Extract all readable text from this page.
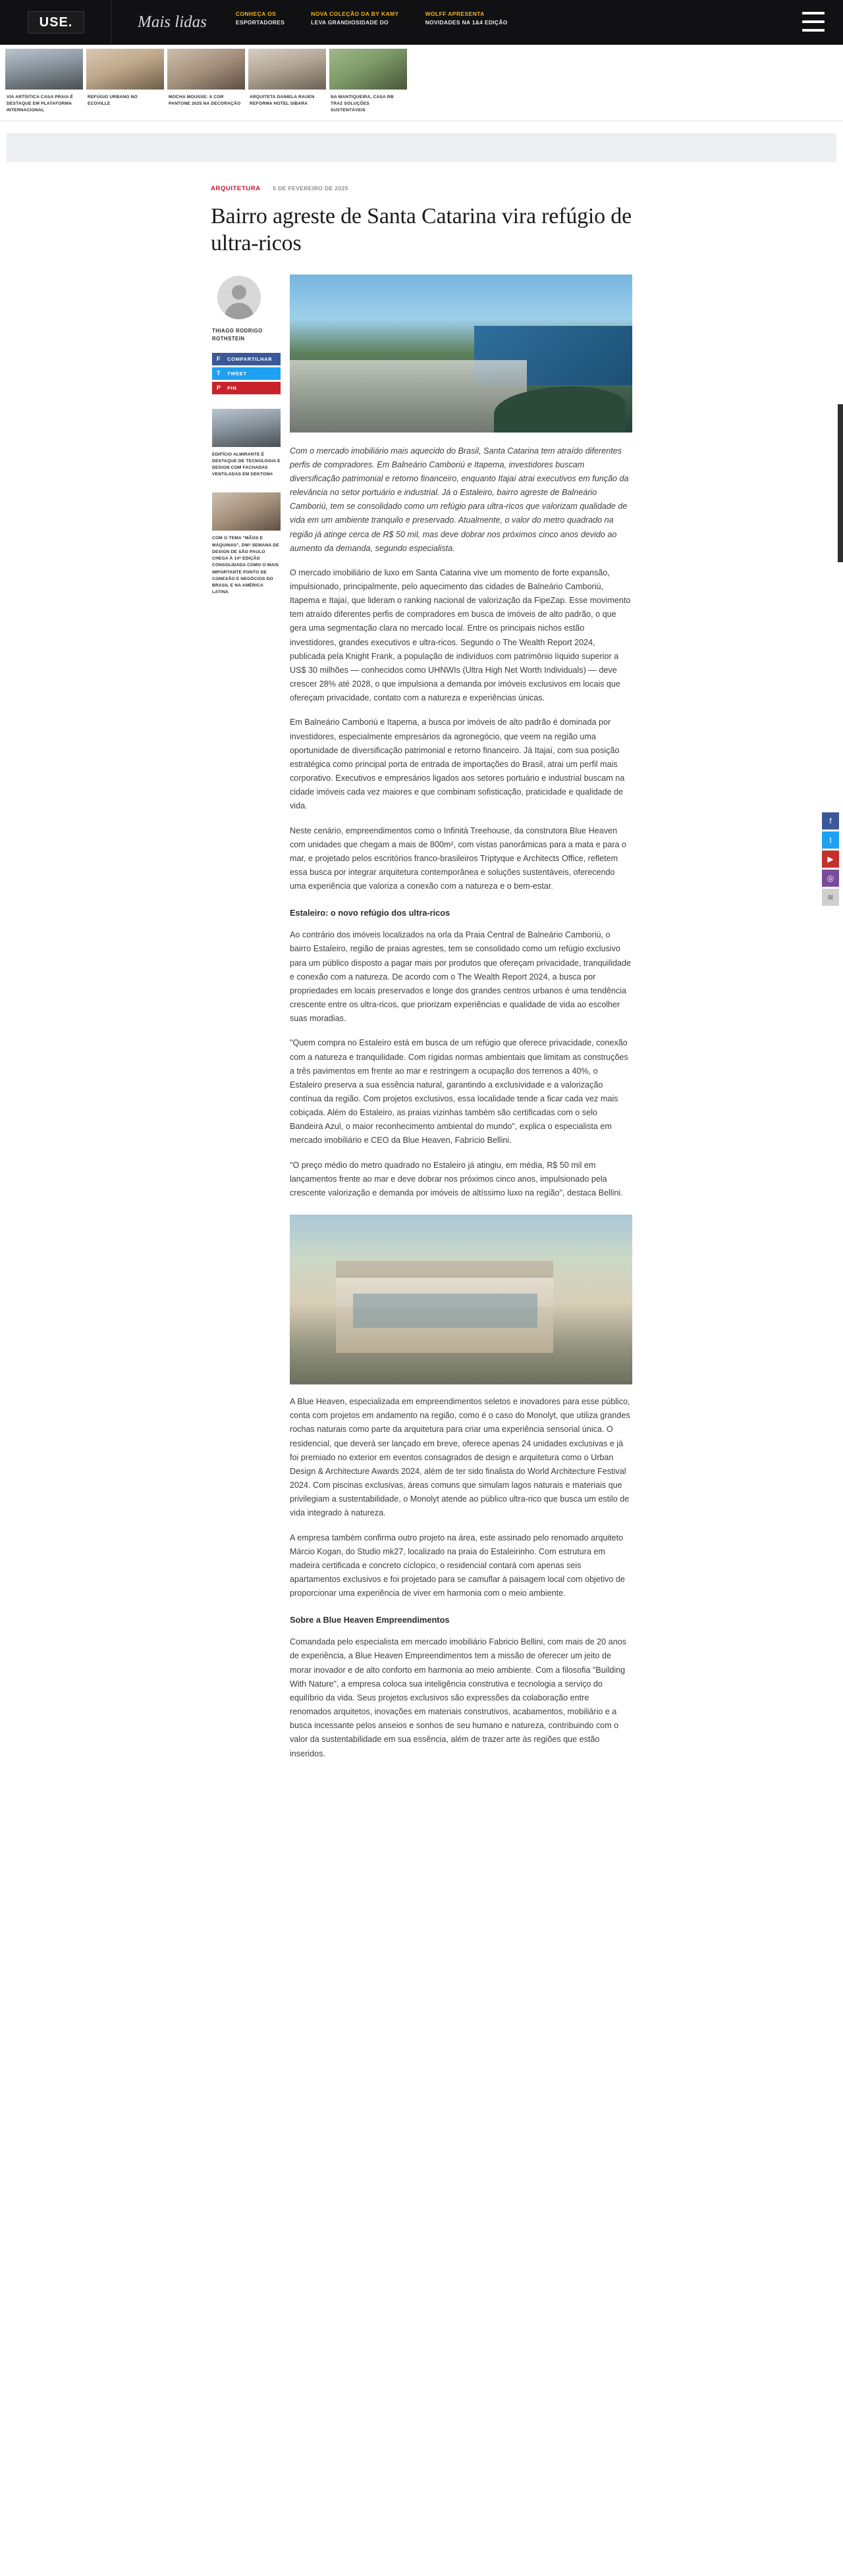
USE.	Mais lidas	CONHEÇA OS
ESPORTADORES
NOVA COLEÇÃO DA BY KAMY
LEVA GRANDIOSIDADE DO
WOLFF APRESENTA
NOVIDADES NA 1&4 EDIÇÃO
VIA ARTÍSTICA CASA PRAIA É DESTAQUE EM PLATAFORMA INTERNACIONAL
REFÚGIO URBANO NO ECOVILLE
MOCHA MOUSSE: A COR PANTONE 2025 NA DECORAÇÃO
ARQUITETA DANIELA RAUEN REFORMA HOTEL SIBARA
NA MANTIQUEIRA, CASA RB TRAZ SOLUÇÕES SUSTENTÁVEIS
ARQUITETURA 5 DE FEVEREIRO DE 2025
Bairro agreste de Santa Catarina vira refúgio de ultra-ricos
THIAGO RODRIGO ROTHSTEIN
F	COMPARTILHAR
T	TWEET
P	PIN
EDIFÍCIO ALMIRANTE É DESTAQUE DE TECNOLOGIA E DESIGN COM FACHADAS VENTILADAS EM DEKTON®
COM O TEMA "MÃOS E MÁQUINAS", DW! SEMANA DE DESIGN DE SÃO PAULO CHEGA À 14ª EDIÇÃO CONSOLIDADA COMO O MAIS IMPORTANTE PONTO DE CONEXÃO E NEGÓCIOS DO BRASIL E NA AMÉRICA LATINA

Com o mercado imobiliário mais aquecido do Brasil, Santa Catarina tem atraído diferentes perfis de compradores. Em Balneário Camboriú e Itapema, investidores buscam diversificação patrimonial e retorno financeiro, enquanto Itajaí atrai executivos em função da relevância no setor portuário e industrial. Já o Estaleiro, bairro agreste de Balneário Camboriú, tem se consolidado como um refúgio para ultra-ricos que valorizam qualidade de vida em um ambiente tranquilo e preservado. Atualmente, o valor do metro quadrado na região já atinge cerca de R$ 50 mil, mas deve dobrar nos próximos cinco anos devido ao aumento da demanda, segundo especialista.

O mercado imobiliário de luxo em Santa Catarina vive um momento de forte expansão, impulsionado, principalmente, pelo aquecimento das cidades de Balneário Camboriú, Itapema e Itajaí, que lideram o ranking nacional de valorização da FipeZap. Esse movimento tem atraído diferentes perfis de compradores em busca de imóveis de alto padrão, o que gera uma segmentação clara no mercado local. Entre os principais nichos estão investidores, grandes executivos e ultra-ricos. Segundo o The Wealth Report 2024, publicada pela Knight Frank, a população de indivíduos com patrimônio líquido superior a US$ 30 milhões — conhecidos como UHNWIs (Ultra High Net Worth Individuals) — deve crescer 28% até 2028, o que impulsiona a demanda por imóveis exclusivos em locais que ofereçam privacidade, contato com a natureza e experiências únicas.

Em Balneário Camboriú e Itapema, a busca por imóveis de alto padrão é dominada por investidores, especialmente empresários da agronegócio, que veem na região uma oportunidade de diversificação patrimonial e retorno financeiro. Já Itajaí, com sua posição estratégica como principal porta de entrada de importações do Brasil, atrai um perfil mais corporativo. Executivos e empresários ligados aos setores portuário e industrial buscam na cidade imóveis cada vez maiores e que combinam sofisticação, praticidade e qualidade de vida.

Neste cenário, empreendimentos como o Infinità Treehouse, da construtora Blue Heaven com unidades que chegam a mais de 800m², com vistas panorâmicas para a mata e para o mar, e projetado pelos escritórios franco-brasileiros Triptyque e Architects Office, refletem essa busca por integrar arquitetura contemporânea e soluções sustentáveis, oferecendo uma experiência que valoriza a conexão com a natureza e o bem-estar.

Estaleiro: o novo refúgio dos ultra-ricos

Ao contrário dos imóveis localizados na orla da Praia Central de Balneário Camboriú, o bairro Estaleiro, região de praias agrestes, tem se consolidado como um refúgio exclusivo para um público disposto a pagar mais por produtos que ofereçam privacidade, tranquilidade e conexão com a natureza. De acordo com o The Wealth Report 2024, a busca por propriedades em locais preservados e longe dos grandes centros urbanos é uma tendência crescente entre os ultra-ricos, que priorizam experiências e qualidade de vida ao escolher suas moradias.

"Quem compra no Estaleiro está em busca de um refúgio que oferece privacidade, conexão com a natureza e tranquilidade. Com rígidas normas ambientais que limitam as construções a três pavimentos em frente ao mar e restringem a ocupação dos terrenos a 40%, o Estaleiro preserva a sua essência natural, garantindo a exclusividade e a valorização contínua da região. Com projetos exclusivos, essa localidade tende a ficar cada vez mais cobiçada. Além do Estaleiro, as praias vizinhas também são certificadas com o selo Bandeira Azul, o maior reconhecimento ambiental do mundo", explica o especialista em mercado imobiliário e CEO da Blue Heaven, Fabrício Bellini.

"O preço médio do metro quadrado no Estaleiro já atingiu, em média, R$ 50 mil em lançamentos frente ao mar e deve dobrar nos próximos cinco anos, impulsionado pela crescente valorização e demanda por imóveis de altíssimo luxo na região", destaca Bellini.

A Blue Heaven, especializada em empreendimentos seletos e inovadores para esse público, conta com projetos em andamento na região, como é o caso do Monolyt, que utiliza grandes rochas naturais como parte da arquitetura para criar uma experiência sensorial única. O residencial, que deverá ser lançado em breve, oferece apenas 24 unidades exclusivas e já foi premiado no exterior em eventos consagrados de design e arquitetura como o Urban Design & Architecture Awards 2024, além de ter sido finalista do World Architecture Festival 2024. Com piscinas exclusivas, áreas comuns que simulam lagos naturais e materiais que privilegiam a sustentabilidade, o Monolyt atende ao público ultra-rico que busca um estilo de vida integrado à natureza.

A empresa também confirma outro projeto na área, este assinado pelo renomado arquiteto Márcio Kogan, do Studio mk27, localizado na praia do Estaleirinho. Com estrutura em madeira certificada e concreto cíclopico, o residencial contará com apenas seis apartamentos exclusivos e foi projetado para se camuflar à paisagem local com objetivo de proporcionar uma experiência de viver em harmonia com o meio ambiente.

Sobre a Blue Heaven Empreendimentos

Comandada pelo especialista em mercado imobiliário Fabricio Bellini, com mais de 20 anos de experiência, a Blue Heaven Empreendimentos tem a missão de oferecer um jeito de morar inovador e de alto conforto em harmonia ao meio ambiente. Com a filosofia "Building With Nature", a empresa coloca sua inteligência construtiva e tecnologia a serviço do equilíbrio da vida. Seus projetos exclusivos são expressões da colaboração entre renomados arquitetos, inovações em materiais construtivos, acabamentos, mobiliário e a busca incessante pelos anseios e sonhos de seu humano e natureza, contribuindo com o valor da sustentabilidade em sua essência, além de trazer arte às regiões que estão inseridos.

f
t
▶
◎
≋
